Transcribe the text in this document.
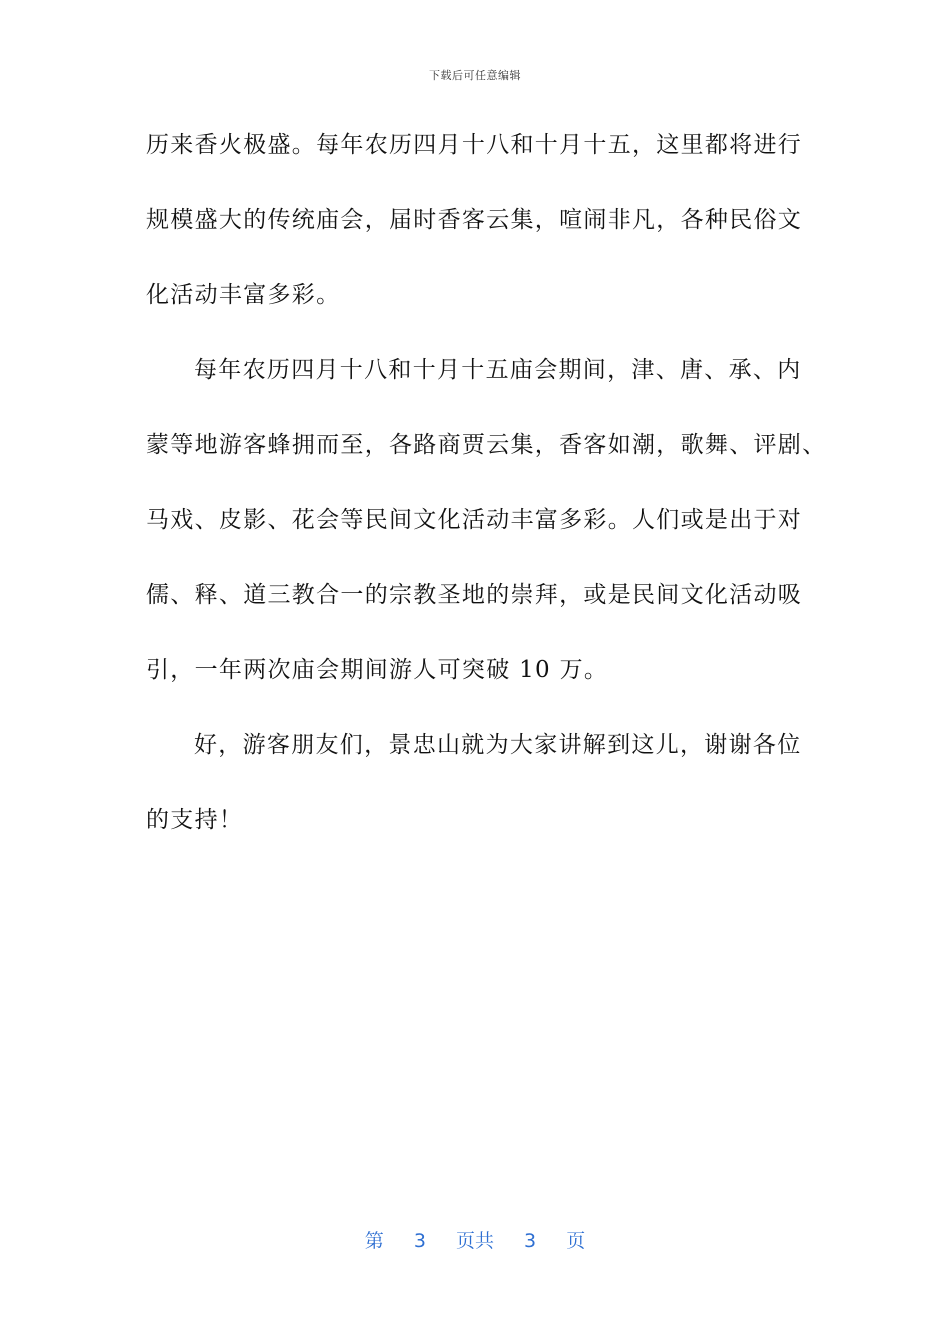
下载后可任意编辑
历来香火极盛。每年农历四月十八和十月十五，这里都将进行
规模盛大的传统庙会，届时香客云集，喧闹非凡，各种民俗文
化活动丰富多彩。
每年农历四月十八和十月十五庙会期间，津、唐、承、内
蒙等地游客蜂拥而至，各路商贾云集，香客如潮，歌舞、评剧、
马戏、皮影、花会等民间文化活动丰富多彩。人们或是出于对
儒、释、道三教合一的宗教圣地的崇拜，或是民间文化活动吸
引，一年两次庙会期间游人可突破 10 万。
好，游客朋友们，景忠山就为大家讲解到这儿，谢谢各位
的支持！
第 3 页共 3 页
